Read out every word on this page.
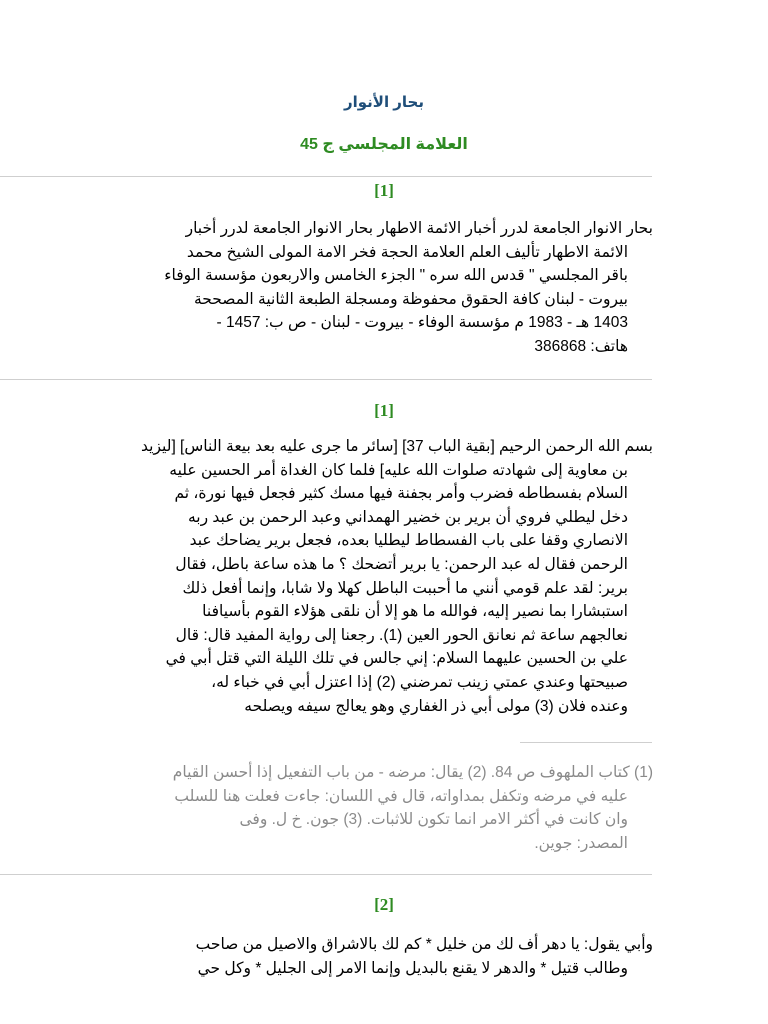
بحار الأنوار
العلامة المجلسي ج 45
[1]
بحار الانوار الجامعة لدرر أخبار الائمة الاطهار بحار الانوار الجامعة لدرر أخبار
الائمة الاطهار تأليف العلم العلامة الحجة فخر الامة المولى الشيخ محمد
باقر المجلسي " قدس الله سره " الجزء الخامس والاربعون مؤسسة الوفاء
بيروت - لبنان كافة الحقوق محفوظة ومسجلة الطبعة الثانية المصححة
1403 هـ - 1983 م مؤسسة الوفاء - بيروت - لبنان - ص ب: 1457 -
هاتف: 386868
[1]
بسم الله الرحمن الرحيم [بقية الباب 37] [سائر ما جرى عليه بعد بيعة الناس] [ليزيد
بن معاوية إلى شهادته صلوات الله عليه] فلما كان الغداة أمر الحسين عليه
السلام بفسطاطه فضرب وأمر بجفنة فيها مسك كثير فجعل فيها نورة، ثم
دخل ليطلي فروي أن برير بن خضير الهمداني وعبد الرحمن بن عبد ربه
الانصاري وقفا على باب الفسطاط ليطليا بعده، فجعل برير يضاحك عبد
الرحمن فقال له عبد الرحمن: يا برير أتضحك ؟ ما هذه ساعة باطل، فقال
برير: لقد علم قومي أنني ما أحببت الباطل كهلا ولا شابا، وإنما أفعل ذلك
استبشارا بما نصير إليه، فوالله ما هو إلا أن نلقى هؤلاء القوم بأسيافنا
نعالجهم ساعة ثم نعانق الحور العين (1). رجعنا إلى رواية المفيد قال: قال
علي بن الحسين عليهما السلام: إني جالس في تلك الليلة التي قتل أبي في
صبيحتها وعندي عمتي زينب تمرضني (2) إذا اعتزل أبي في خباء له،
وعنده فلان (3) مولى أبي ذر الغفاري وهو يعالج سيفه ويصلحه
(1) كتاب الملهوف ص 84. (2) يقال: مرضه - من باب التفعيل إذا أحسن القيام
عليه في مرضه وتكفل بمداواته، قال في اللسان: جاءت فعلت هنا للسلب
وان كانت في أكثر الامر انما تكون للاثبات. (3) جون. خ ل. وفى
المصدر: جوين.
[2]
وأبي يقول: يا دهر أف لك من خليل * كم لك بالاشراق والاصيل من صاحب
وطالب قتيل * والدهر لا يقنع بالبديل وإنما الامر إلى الجليل * وكل حي
